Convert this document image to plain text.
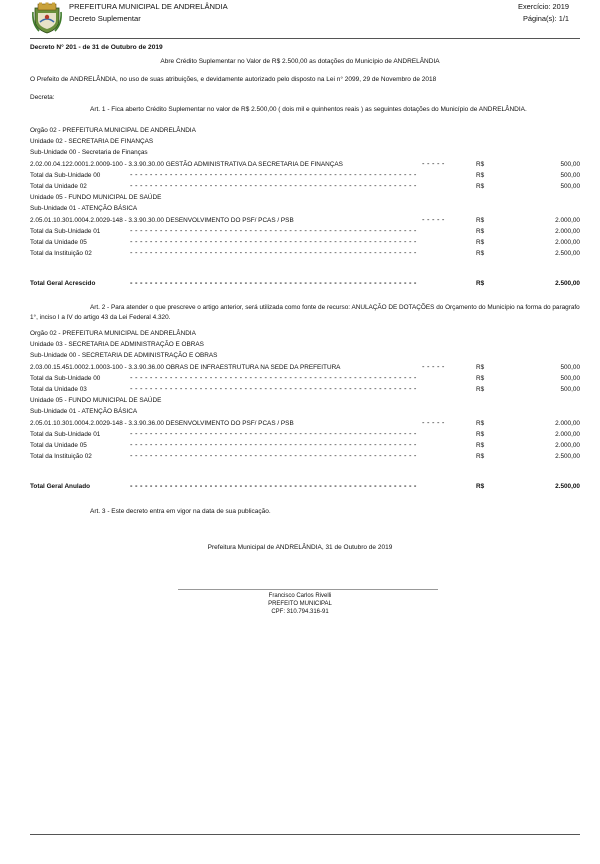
PREFEITURA MUNICIPAL DE ANDRELÂNDIA
Decreto Suplementar
Exercício: 2019
Página(s): 1/1
Decreto N° 201 - de 31 de Outubro de 2019
Abre Crédito Suplementar no Valor de R$ 2.500,00 as dotações do Município de ANDRELÂNDIA
O Prefeito de ANDRELÂNDIA, no uso de suas atribuições, e devidamente autorizado pelo disposto na Lei n° 2099, 29 de Novembro de 2018
Decreta:
Art. 1 - Fica aberto Crédito Suplementar no valor de R$ 2.500,00 ( dois mil e quinhentos reais ) as seguintes dotações do Município de ANDRELÂNDIA.
Orgão 02 - PREFEITURA MUNICIPAL DE ANDRELÂNDIA
Unidade 02 - SECRETARIA DE FINANÇAS
Sub-Unidade 00 - Secretaria de Finanças
2.02.00.04.122.0001.2.0009-100 - 3.3.90.30.00 GESTÃO ADMINISTRATIVA DA SECRETARIA DE FINANÇAS	- - - - -	R$	500,00
Total da Sub-Unidade 00	- - - - - - - - - - - - - - - - - - - - - - - - - - - - - - - - - - - - - - - - - - - - - - - - - - - - - - - - - -	R$	500,00
Total da Unidade 02	- - - - - - - - - - - - - - - - - - - - - - - - - - - - - - - - - - - - - - - - - - - - - - - - - - - - - - - - - -	R$	500,00
Unidade 05 - FUNDO MUNICIPAL DE SAÚDE
Sub-Unidade 01 - ATENÇÃO BÁSICA
2.05.01.10.301.0004.2.0029-148 - 3.3.90.30.00 DESENVOLVIMENTO DO PSF/ PCAS / PSB	- - - - -	R$	2.000,00
Total da Sub-Unidade 01	- - - - - - - - - - - - - - - - - - - - - - - - - - - - - - - - - - - - - - - - - - - - - - - - - - - - - - - - - -	R$	2.000,00
Total da Unidade 05	- - - - - - - - - - - - - - - - - - - - - - - - - - - - - - - - - - - - - - - - - - - - - - - - - - - - - - - - - -	R$	2.000,00
Total da Instituição 02	- - - - - - - - - - - - - - - - - - - - - - - - - - - - - - - - - - - - - - - - - - - - - - - - - - - - - - - - - -	R$	2.500,00
Total Geral Acrescido	- - - - - - - - - - - - - - - - - - - - - - - - - - - - - - - - - - - - - - - - - - - - - - - - - - - - - - - - - -	R$	2.500,00
Art. 2 - Para atender o que prescreve o artigo anterior, será utilizada como fonte de recurso: ANULAÇÃO DE DOTAÇÕES do Orçamento do Município na forma do paragrafo 1°, inciso I a IV do artigo 43 da Lei Federal 4.320.
Orgão 02 - PREFEITURA MUNICIPAL DE ANDRELÂNDIA
Unidade 03 - SECRETARIA DE ADMINISTRAÇÃO E OBRAS
Sub-Unidade 00 - SECRETARIA DE ADMINISTRAÇÃO E OBRAS
2.03.00.15.451.0002.1.0003-100 - 3.3.90.36.00 OBRAS DE INFRAESTRUTURA NA SEDE DA PREFEITURA	- - - - -	R$	500,00
Total da Sub-Unidade 00	- - - - - - - - - - - - - - - - - - - - - - - - - - - - - - - - - - - - - - - - - - - - - - - - - - - - - - - - - -	R$	500,00
Total da Unidade 03	- - - - - - - - - - - - - - - - - - - - - - - - - - - - - - - - - - - - - - - - - - - - - - - - - - - - - - - - - -	R$	500,00
Unidade 05 - FUNDO MUNICIPAL DE SAÚDE
Sub-Unidade 01 - ATENÇÃO BÁSICA
2.05.01.10.301.0004.2.0029-148 - 3.3.90.36.00 DESENVOLVIMENTO DO PSF/ PCAS / PSB	- - - - -	R$	2.000,00
Total da Sub-Unidade 01	- - - - - - - - - - - - - - - - - - - - - - - - - - - - - - - - - - - - - - - - - - - - - - - - - - - - - - - - - -	R$	2.000,00
Total da Unidade 05	- - - - - - - - - - - - - - - - - - - - - - - - - - - - - - - - - - - - - - - - - - - - - - - - - - - - - - - - - -	R$	2.000,00
Total da Instituição 02	- - - - - - - - - - - - - - - - - - - - - - - - - - - - - - - - - - - - - - - - - - - - - - - - - - - - - - - - - -	R$	2.500,00
Total Geral Anulado	- - - - - - - - - - - - - - - - - - - - - - - - - - - - - - - - - - - - - - - - - - - - - - - - - - - - - - - - - -	R$	2.500,00
Art. 3 - Este decreto entra em vigor na data de sua publicação.
Prefeitura Municipal de ANDRELÂNDIA, 31 de Outubro de 2019
Francisco Carlos Rivelli
PREFEITO MUNICIPAL
CPF: 310.794.316-91
